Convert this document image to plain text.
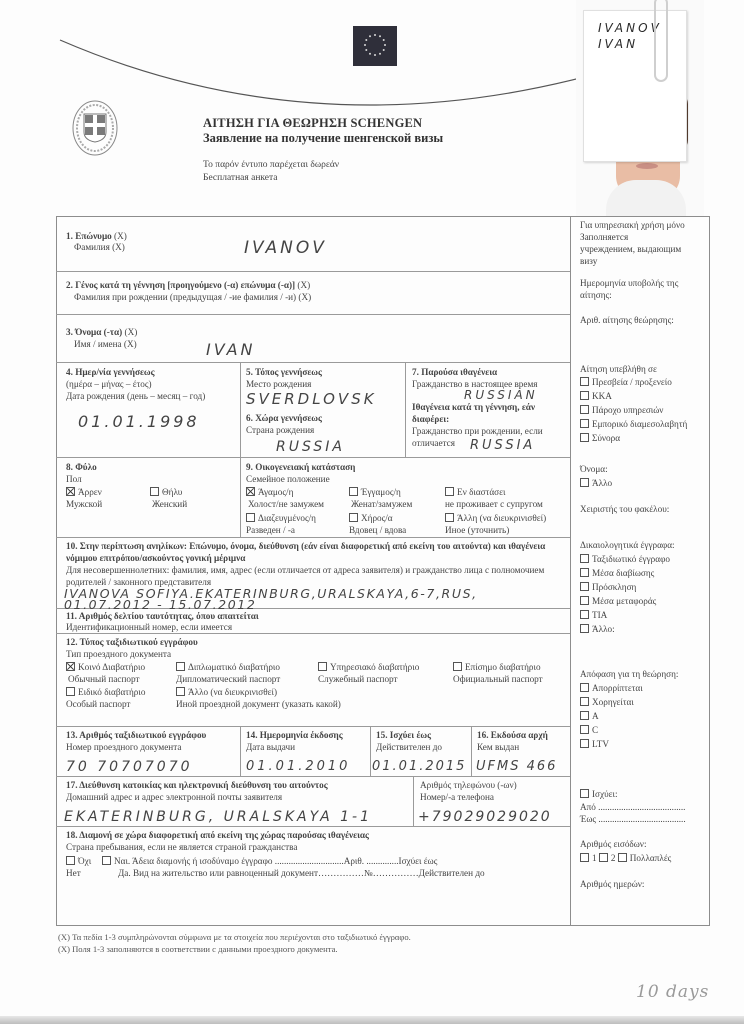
ΑΙΤΗΣΗ ΓΙΑ ΘΕΩΡΗΣΗ SCHENGEN
Заявление на получение шенгенской визы
Το παρόν έντυπο παρέχεται δωρεάν
Бесплатная анкета
IVANOV
IVAN
1. Επώνυμο (X)
Фамилия (X)	IVANOV
2. Γένος κατά τη γέννηση [προηγούμενο (-α) επώνυμα (-α)] (X)
Фамилия при рождении (предыдущая / -ие фамилия / -и) (X)
3. Όνομα (-τα) (X)
Имя / имена (X)	IVAN
4. Ημερ/νία γεννήσεως
(ημέρα – μήνας – έτος)
Дата рождения (день – месяц – год)
01.01.1998
5. Τόπος γεννήσεως
Место рождения
SVERDLOVSK
6. Χώρα γεννήσεως
Страна рождения
RUSSIA
7. Παρούσα ιθαγένεια
Гражданство в настоящее время
RUSSIAN
Ιθαγένεια κατά τη γέννηση, εάν διαφέρει:
Гражданство при рождении, если отличается	RUSSIA
8. Φύλο
Пол
Άρρεν
Мужской
Θήλυ
Женский
9. Οικογενειακή κατάσταση
Семейное положение
Άγαμος/η
Холост/не замужем
Έγγαμος/η
Женат/замужем
Εν διαστάσει
не проживает с супругом
Διαζευγμένος/η
Разведен / -а
Χήρος/α
Вдовец / вдова
Άλλη (να διευκρινισθεί)
Иное (уточнить)
10. Στην περίπτωση ανηλίκων: Επώνυμο, όνομα, διεύθυνση (εάν είναι διαφορετική από εκείνη του αιτούντα) και ιθαγένεια νόμιμου επιτρόπου/ασκούντος γονική μέριμνα
Для несовершеннолетних: фамилия, имя, адрес (если отличается от адреса заявителя) и гражданство лица с полномочием родителей / законного представителя
IVANOVA SOFIYA.EKATERINBURG,URALSKAYA,6-7,RUS,
01.07.2012 - 15.07.2012
11. Αριθμός δελτίου ταυτότητας, όπου απαιτείται
Идентификационный номер, если имеется
12. Τύπος ταξιδιωτικού εγγράφου
Тип проездного документа
Κοινό Διαβατήριο
Обычный паспорт
Διπλωματικό διαβατήριο
Дипломатический паспорт
Υπηρεσιακό διαβατήριο
Служебный паспорт
Επίσημο διαβατήριο
Официальный паспорт
Ειδικό διαβατήριο
Особый паспорт
Άλλο (να διευκρινισθεί)
Иной проездной документ (указать какой)
13. Αριθμός ταξιδιωτικού εγγράφου
Номер проездного документа
70 70707070
14. Ημερομηνία έκδοσης
Дата выдачи
01.01.2010
15. Ισχύει έως
Действителен до
01.01.2015
16. Εκδούσα αρχή
Кем выдан
UFMS 466
17. Διεύθυνση κατοικίας και ηλεκτρονική διεύθυνση του αιτούντος
Домашний адрес и адрес электронной почты заявителя
EKATERINBURG, URALSKAYA 1-1
Αριθμός τηλεφώνου (-ων)
Номер/-а телефона
+79029029020
18. Διαμονή σε χώρα διαφορετική από εκείνη της χώρας παρούσας ιθαγένειας
Страна пребывания, если не является страной гражданства
Όχι
Нет
Ναι. Άδεια διαμονής ή ισοδύναμο έγγραφο ..............................Αριθ. ..............Ισχύει έως
Да. Вид на жительство или равноценный документ……………№……………Действителен до
Για υπηρεσιακή χρήση μόνο
Заполняется
учреждением, выдающим
визу
Ημερομηνία υποβολής της αίτησης:
Αριθ. αίτησης θεώρησης:
Αίτηση υπεβλήθη σε
Πρεσβεία / προξενείο
ΚΚΑ
Πάροχο υπηρεσιών
Εμπορικό διαμεσολαβητή
Σύνορα
Όνομα:
Άλλο
Χειριστής του φακέλου:
Δικαιολογητικά έγγραφα:
Ταξιδιωτικό έγγραφο
Μέσα διαβίωσης
Πρόσκληση
Μέσα μεταφοράς
ΤΙΑ
Άλλο:
Απόφαση για τη θεώρηση:
Απορρίπτεται
Χορηγείται
A
C
LTV
Ισχύει:
Από ......................................
Έως ......................................
Αριθμός εισόδων:
1 2 Πολλαπλές
Αριθμός ημερών:
(X) Τα πεδία 1-3 συμπληρώνονται σύμφωνα με τα στοιχεία που περιέχονται στο ταξιδιωτικό έγγραφο.
(X) Поля 1-3 заполняются в соответствии с данными проездного документа.
10 days
